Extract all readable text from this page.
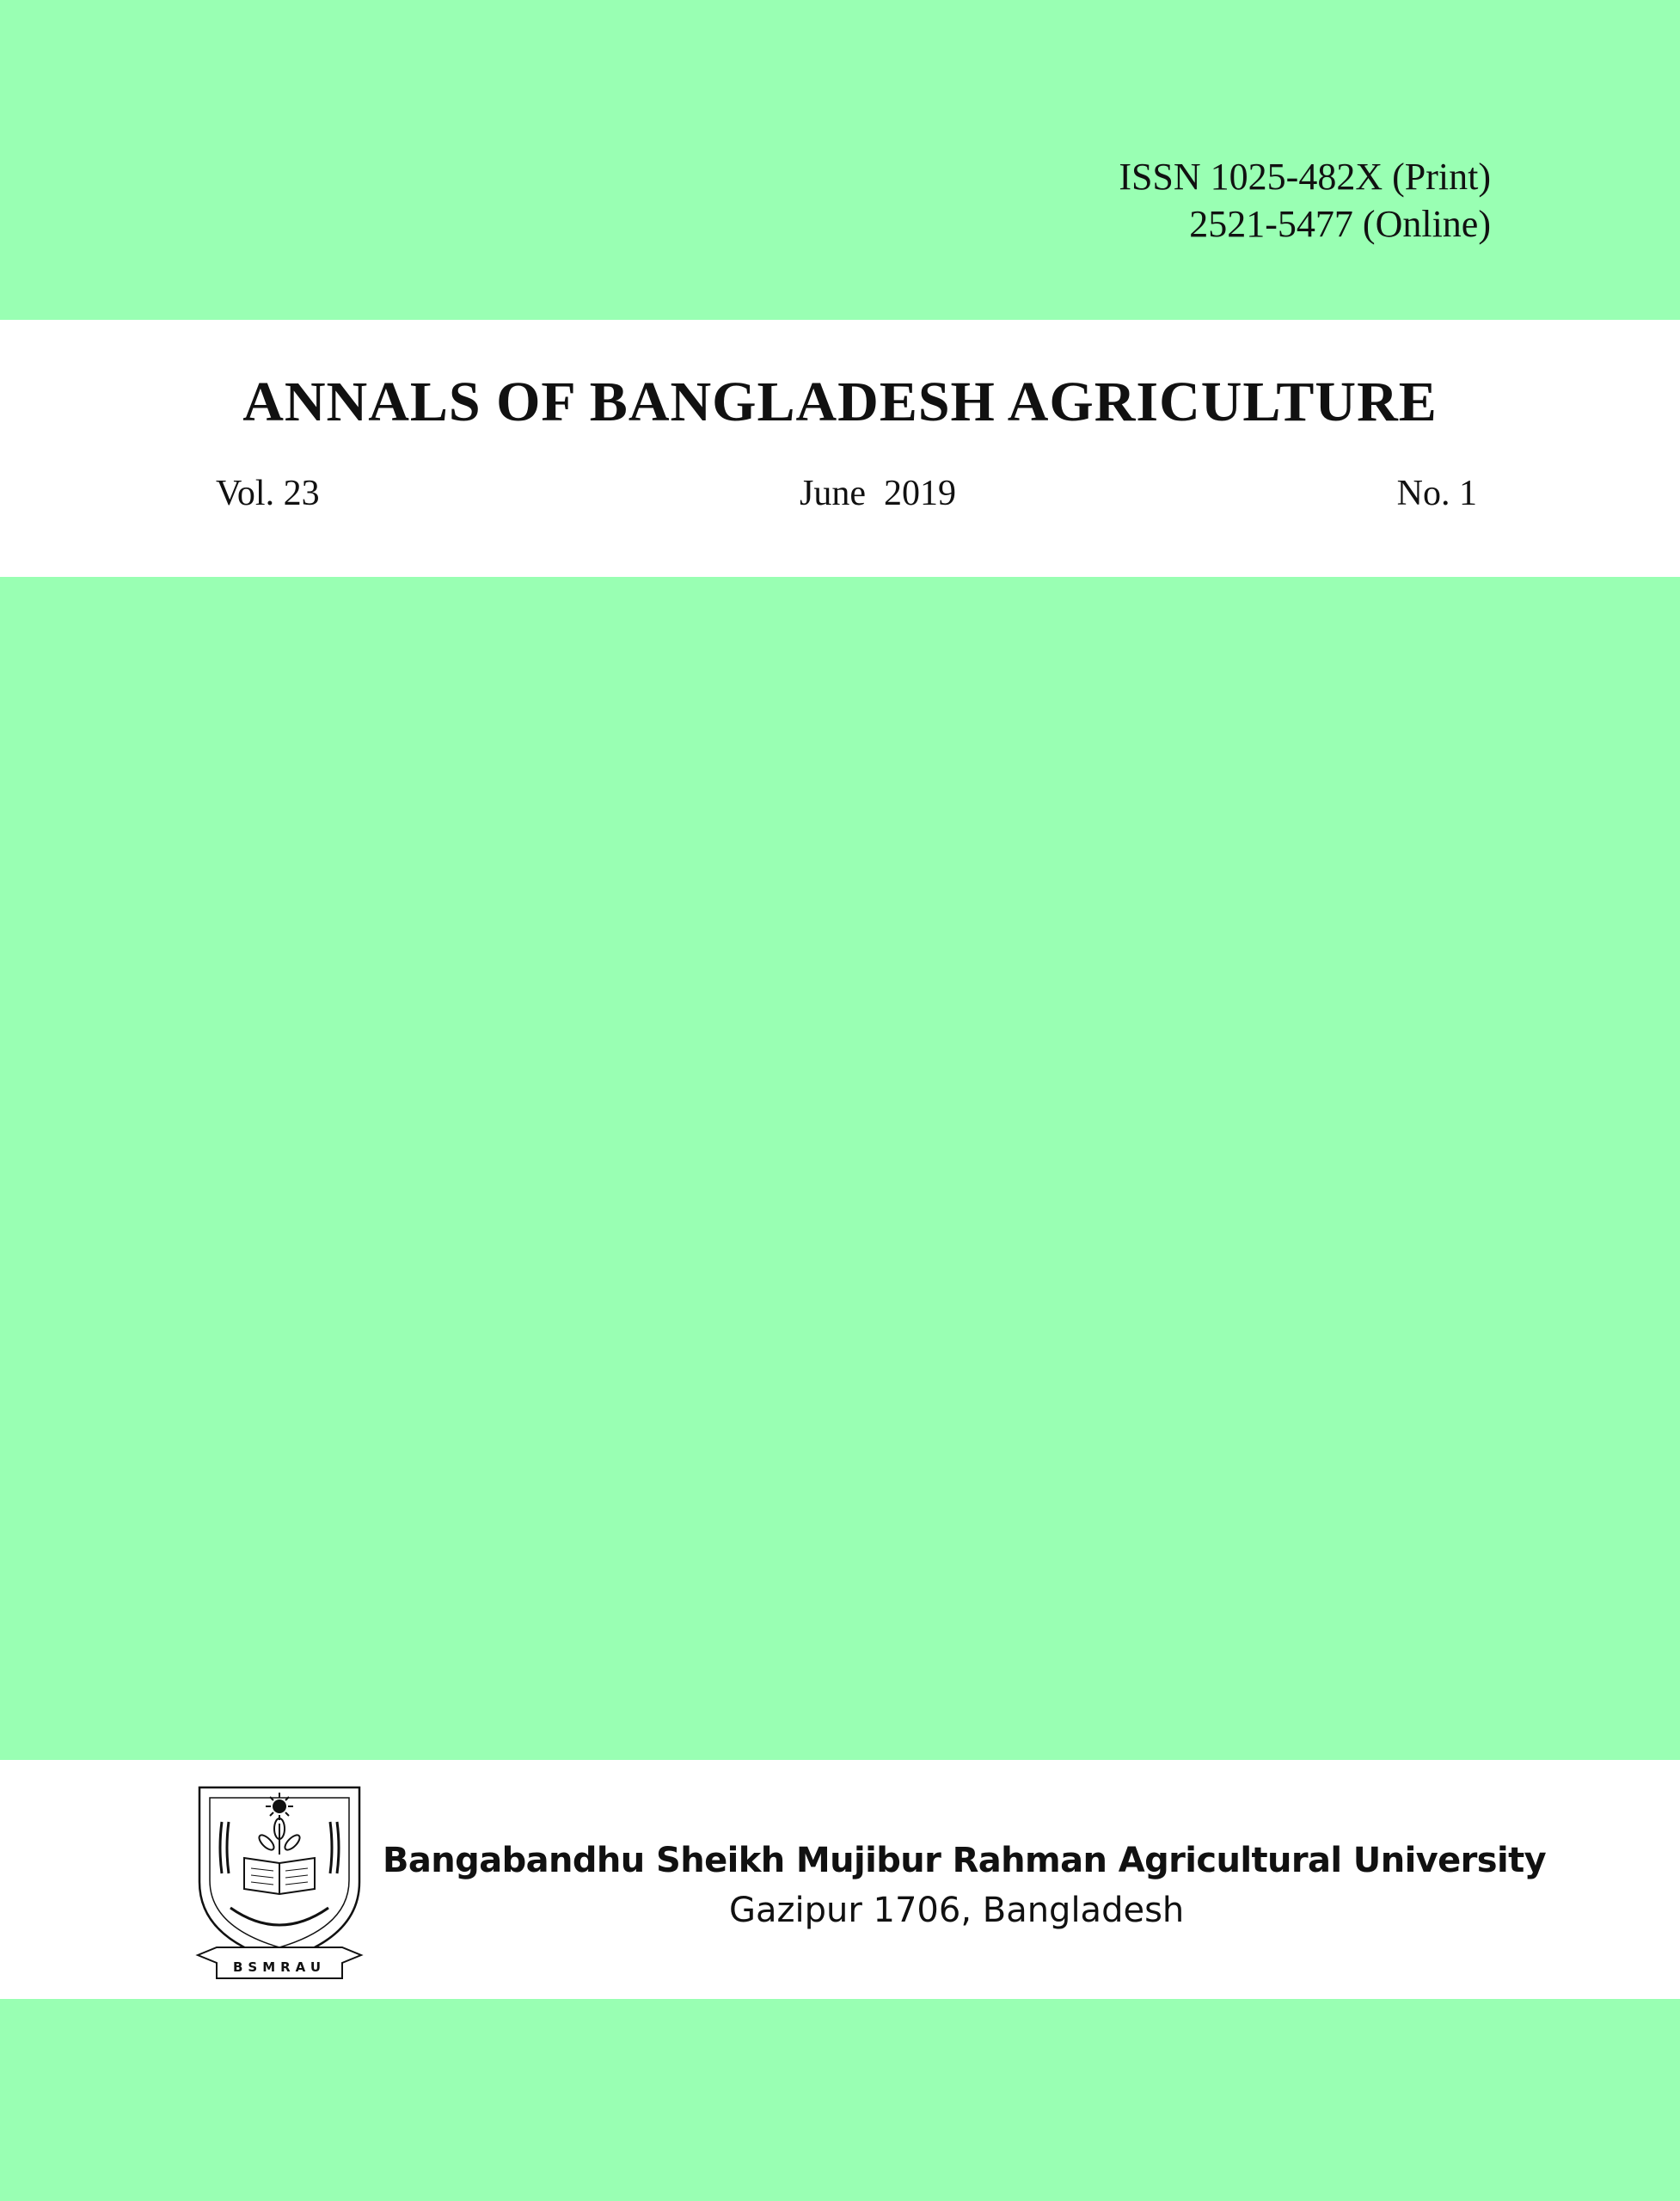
ISSN 1025-482X (Print)
2521-5477 (Online)
ANNALS OF BANGLADESH AGRICULTURE
Vol. 23	June  2019	No. 1
BSMRAU
Bangabandhu Sheikh Mujibur Rahman Agricultural University
Gazipur 1706, Bangladesh
